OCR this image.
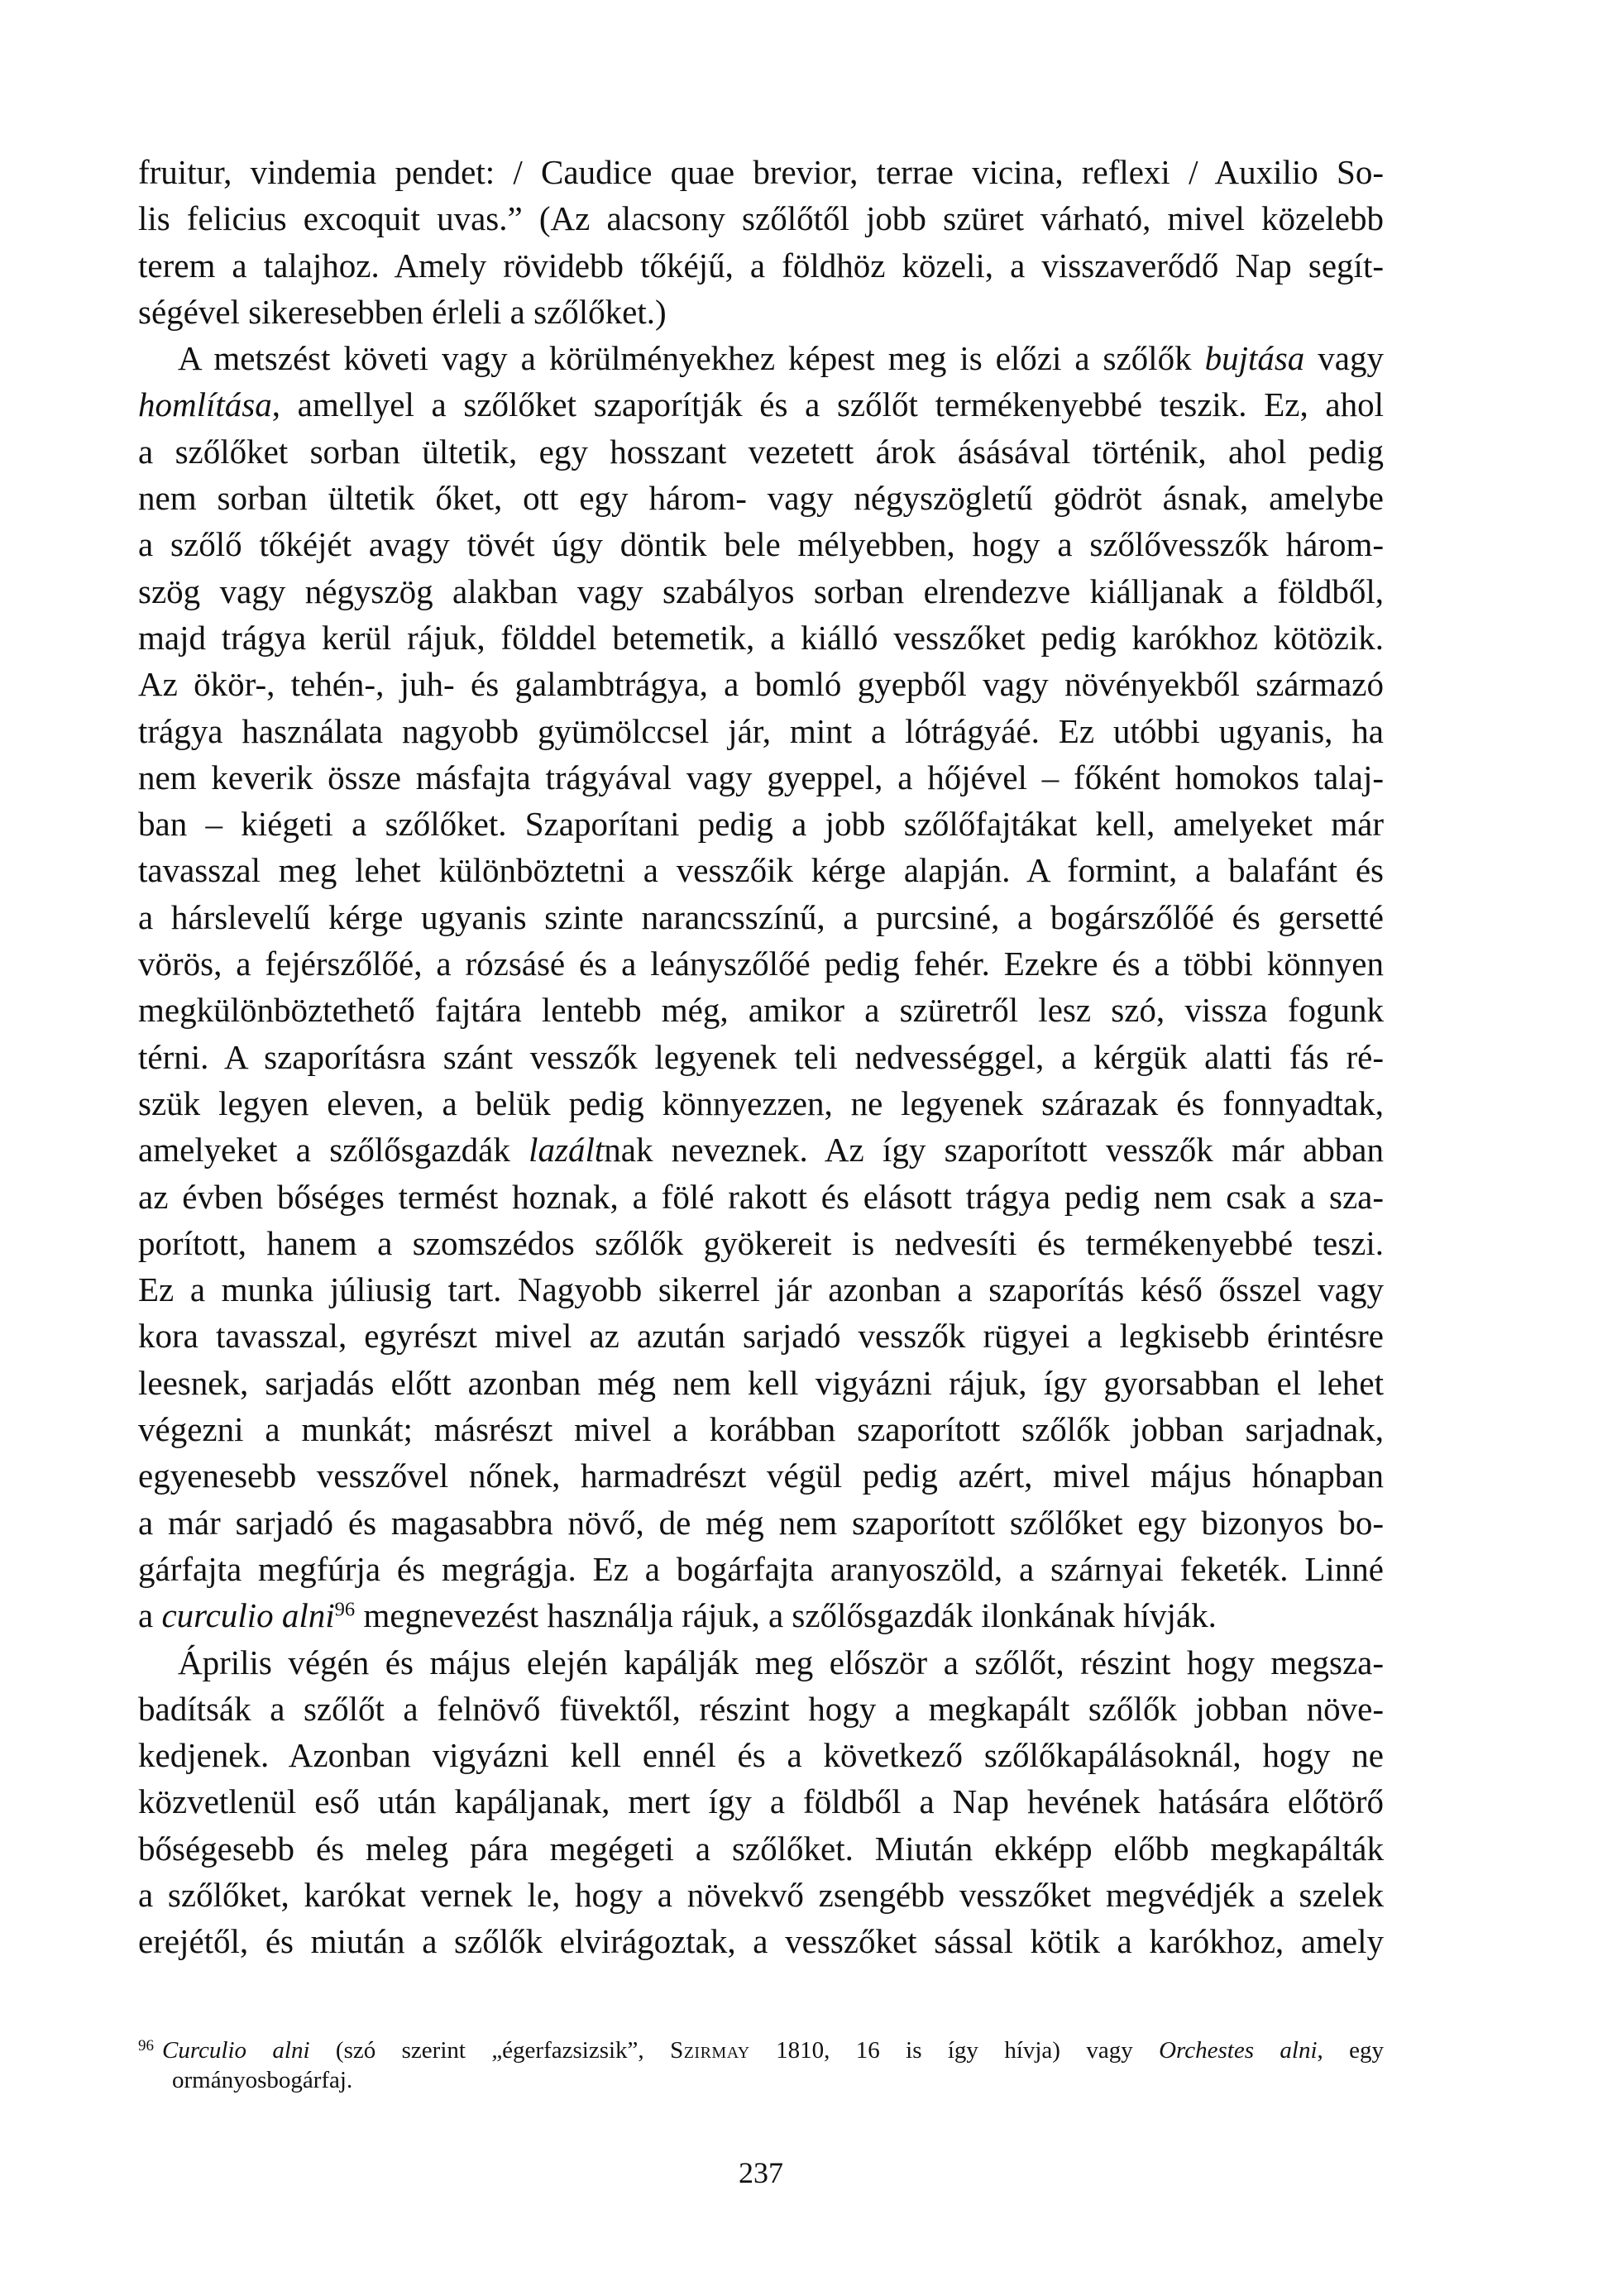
fruitur, vindemia pendet: / Caudice quae brevior, terrae vicina, reflexi / Auxilio So-
lis felicius excoquit uvas.” (Az alacsony szőlőtől jobb szüret várható, mivel közelebb
terem a talajhoz. Amely rövidebb tőkéjű, a földhöz közeli, a visszaverődő Nap segít-
ségével sikeresebben érleli a szőlőket.)
A metszést követi vagy a körülményekhez képest meg is előzi a szőlők bujtása vagy
homlítása, amellyel a szőlőket szaporítják és a szőlőt termékenyebbé teszik. Ez, ahol
a szőlőket sorban ültetik, egy hosszant vezetett árok ásásával történik, ahol pedig
nem sorban ültetik őket, ott egy három- vagy négyszögletű gödröt ásnak, amelybe
a szőlő tőkéjét avagy tövét úgy döntik bele mélyebben, hogy a szőlővesszők három-
szög vagy négyszög alakban vagy szabályos sorban elrendezve kiálljanak a földből,
majd trágya kerül rájuk, földdel betemetik, a kiálló vesszőket pedig karókhoz kötözik.
Az ökör-, tehén-, juh- és galambtrágya, a bomló gyepből vagy növényekből származó
trágya használata nagyobb gyümölccsel jár, mint a lótrágyáé. Ez utóbbi ugyanis, ha
nem keverik össze másfajta trágyával vagy gyeppel, a hőjével – főként homokos talaj-
ban – kiégeti a szőlőket. Szaporítani pedig a jobb szőlőfajtákat kell, amelyeket már
tavasszal meg lehet különböztetni a vesszőik kérge alapján. A formint, a balafánt és
a hárslevelű kérge ugyanis szinte narancsszínű, a purcsiné, a bogárszőlőé és gersetté
vörös, a fejérszőlőé, a rózsásé és a leányszőlőé pedig fehér. Ezekre és a többi könnyen
megkülönböztethető fajtára lentebb még, amikor a szüretről lesz szó, vissza fogunk
térni. A szaporításra szánt vesszők legyenek teli nedvességgel, a kérgük alatti fás ré-
szük legyen eleven, a belük pedig könnyezzen, ne legyenek szárazak és fonnyadtak,
amelyeket a szőlősgazdák lazáltnak neveznek. Az így szaporított vesszők már abban
az évben bőséges termést hoznak, a fölé rakott és elásott trágya pedig nem csak a sza-
porított, hanem a szomszédos szőlők gyökereit is nedvesíti és termékenyebbé teszi.
Ez a munka júliusig tart. Nagyobb sikerrel jár azonban a szaporítás késő ősszel vagy
kora tavasszal, egyrészt mivel az azután sarjadó vesszők rügyei a legkisebb érintésre
leesnek, sarjadás előtt azonban még nem kell vigyázni rájuk, így gyorsabban el lehet
végezni a munkát; másrészt mivel a korábban szaporított szőlők jobban sarjadnak,
egyenesebb vesszővel nőnek, harmadrészt végül pedig azért, mivel május hónapban
a már sarjadó és magasabbra növő, de még nem szaporított szőlőket egy bizonyos bo-
gárfajta megfúrja és megrágja. Ez a bogárfajta aranyoszöld, a szárnyai feketék. Linné
a curculio alni$^{96}$ megnevezést használja rájuk, a szőlősgazdák ilonkának hívják.
Április végén és május elején kapálják meg először a szőlőt, részint hogy megsza-
badítsák a szőlőt a felnövő füvektől, részint hogy a megkapált szőlők jobban növe-
kedjenek. Azonban vigyázni kell ennél és a következő szőlőkapálásoknál, hogy ne
közvetlenül eső után kapáljanak, mert így a földből a Nap hevének hatására előtörő
bőségesebb és meleg pára megégeti a szőlőket. Miután ekképp előbb megkapálták
a szőlőket, karókat vernek le, hogy a növekvő zsengébb vesszőket megvédjék a szelek
erejétől, és miután a szőlők elvirágoztak, a vesszőket sással kötik a karókhoz, amely
$^{96}$ Curculio alni (szó szerint „égerfazsizsik”, Szirmay 1810, 16 is így hívja) vagy Orchestes alni, egy
ormányosbogárfaj.
237
